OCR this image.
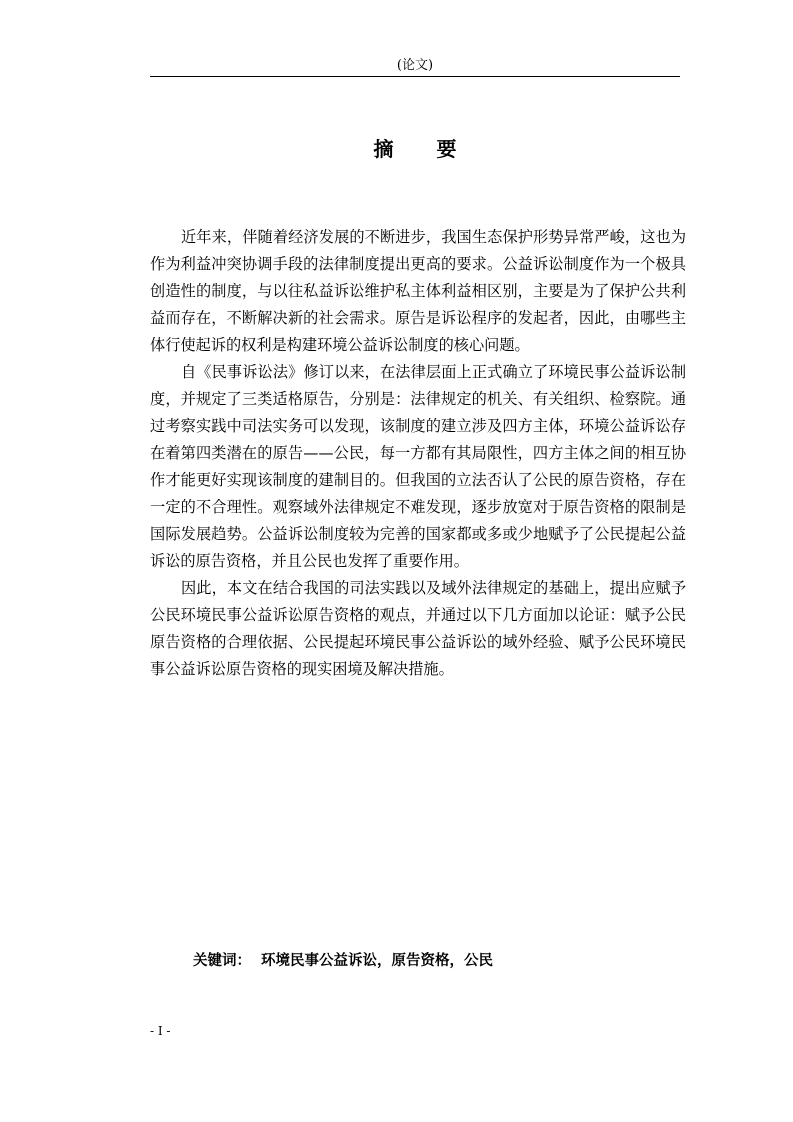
(论文)
摘 要

近年来，伴随着经济发展的不断进步，我国生态保护形势异常严峻，这也为作为利益冲突协调手段的法律制度提出更高的要求。公益诉讼制度作为一个极具创造性的制度，与以往私益诉讼维护私主体利益相区别，主要是为了保护公共利益而存在，不断解决新的社会需求。原告是诉讼程序的发起者，因此，由哪些主体行使起诉的权利是构建环境公益诉讼制度的核心问题。

自《民事诉讼法》修订以来，在法律层面上正式确立了环境民事公益诉讼制度，并规定了三类适格原告，分别是：法律规定的机关、有关组织、检察院。通过考察实践中司法实务可以发现，该制度的建立涉及四方主体，环境公益诉讼存在着第四类潜在的原告——公民，每一方都有其局限性，四方主体之间的相互协作才能更好实现该制度的建制目的。但我国的立法否认了公民的原告资格，存在一定的不合理性。观察域外法律规定不难发现，逐步放宽对于原告资格的限制是国际发展趋势。公益诉讼制度较为完善的国家都或多或少地赋予了公民提起公益诉讼的原告资格，并且公民也发挥了重要作用。

因此，本文在结合我国的司法实践以及域外法律规定的基础上，提出应赋予公民环境民事公益诉讼原告资格的观点，并通过以下几方面加以论证：赋予公民原告资格的合理依据、公民提起环境民事公益诉讼的域外经验、赋予公民环境民事公益诉讼原告资格的现实困境及解决措施。

关键词： 环境民事公益诉讼，原告资格，公民
- I -
